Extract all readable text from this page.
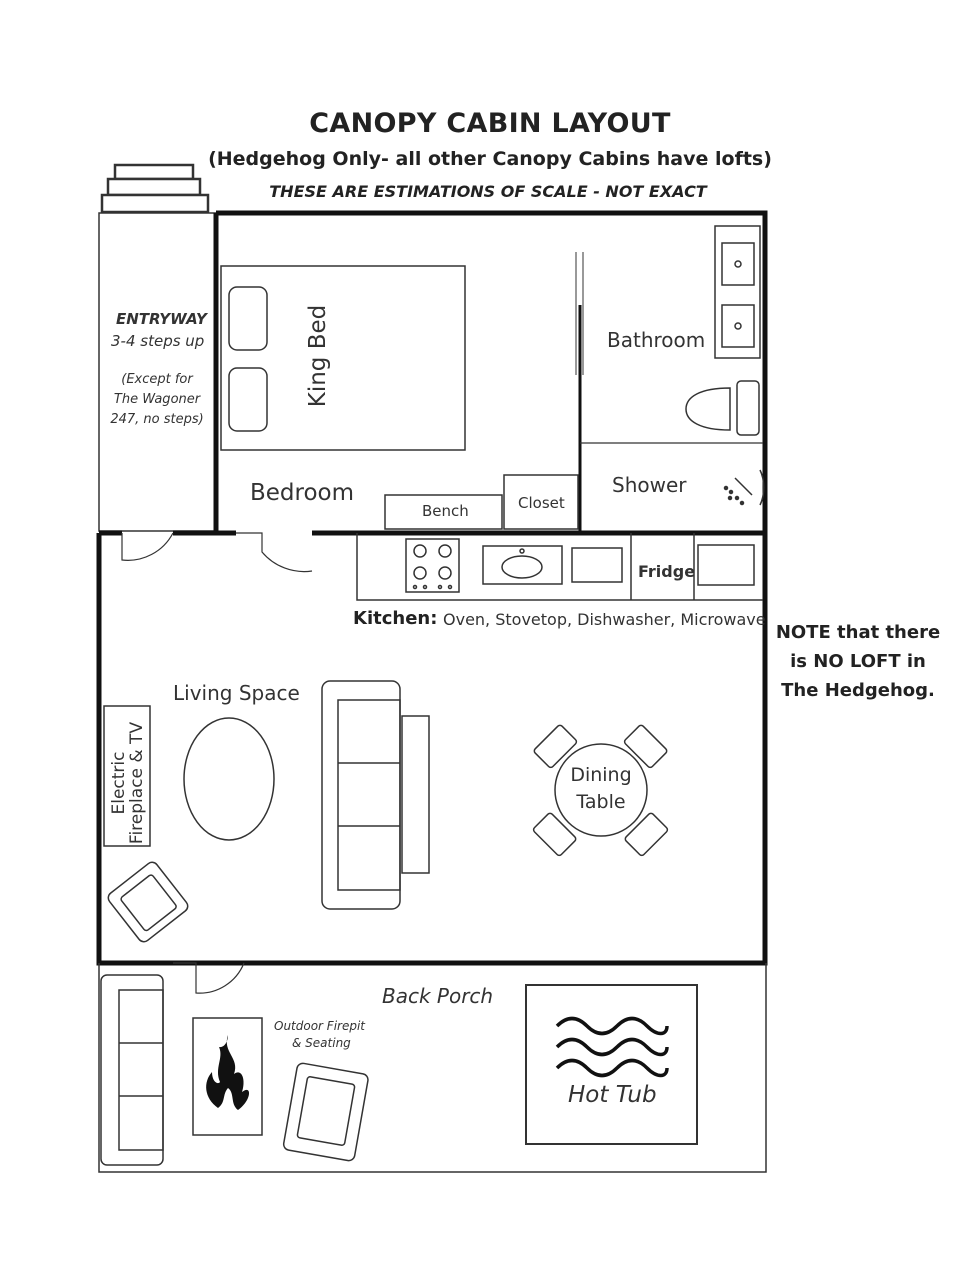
CANOPY CABIN LAYOUT
(Hedgehog Only- all other Canopy Cabins have lofts)
THESE ARE ESTIMATIONS OF SCALE - NOT EXACT
ENTRYWAY
3-4 steps up
(Except for
The Wagoner
247, no steps)
King Bed
Bedroom
Bench	Closet
Bathroom
Shower
Fridge
Kitchen: Oven, Stovetop, Dishwasher, Microwave
Living Space
Electric
Fireplace & TV	Dining
Table
Back Porch
Outdoor Firepit
& Seating
Hot Tub
NOTE that there
is NO LOFT in
The Hedgehog.
